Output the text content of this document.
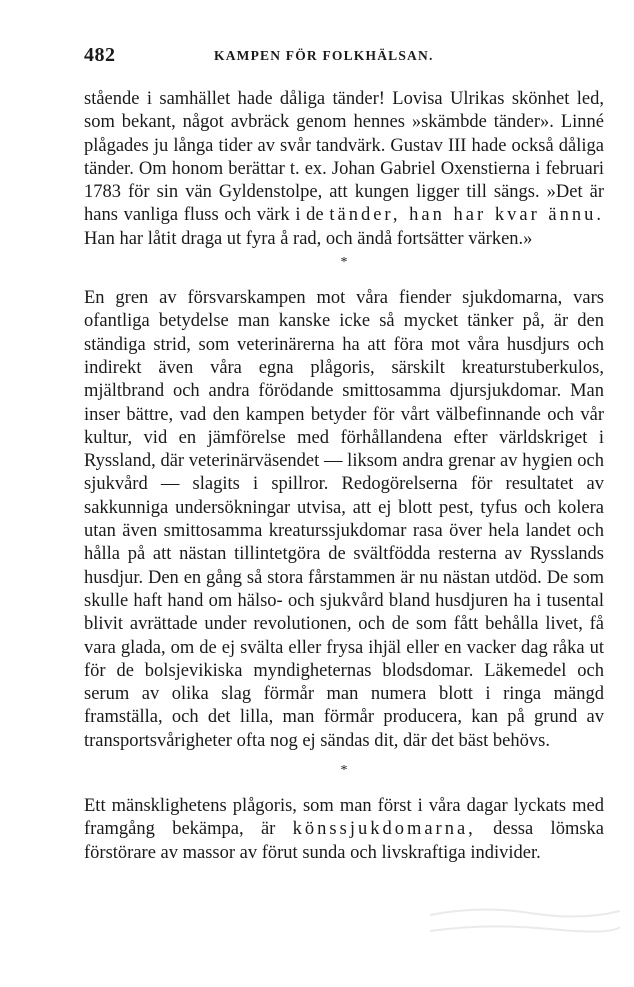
482	KAMPEN FÖR FOLKHÄLSAN.

stående i samhället hade dåliga tänder! Lovisa Ulrikas skönhet led, som bekant, något avbräck genom hennes »skämbde tänder». Linné plågades ju långa tider av svår tandvärk. Gustav III hade också dåliga tänder. Om honom berättar t. ex. Johan Gabriel Oxenstierna i februari 1783 för sin vän Gyldenstolpe, att kungen ligger till sängs. »Det är hans vanliga fluss och värk i de tänder, han har kvar ännu. Han har låtit draga ut fyra å rad, och ändå fortsätter värken.»

*

En gren av försvarskampen mot våra fiender sjukdomarna, vars ofantliga betydelse man kanske icke så mycket tänker på, är den ständiga strid, som veterinärerna ha att föra mot våra husdjurs och indirekt även våra egna plågoris, särskilt kreaturstuberkulos, mjältbrand och andra förödande smittosamma djursjukdomar. Man inser bättre, vad den kampen betyder för vårt välbefinnande och vår kultur, vid en jämförelse med förhållandena efter världskriget i Ryssland, där veterinärväsendet — liksom andra grenar av hygien och sjukvård — slagits i spillror. Redogörelserna för resultatet av sakkunniga undersökningar utvisa, att ej blott pest, tyfus och kolera utan även smittosamma kreaturssjukdomar rasa över hela landet och hålla på att nästan tillintetgöra de svältfödda resterna av Rysslands husdjur. Den en gång så stora fårstammen är nu nästan utdöd. De som skulle haft hand om hälso- och sjukvård bland husdjuren ha i tusental blivit avrättade under revolutionen, och de som fått behålla livet, få vara glada, om de ej svälta eller frysa ihjäl eller en vacker dag råka ut för de bolsjevikiska myndigheternas blodsdomar. Läkemedel och serum av olika slag förmår man numera blott i ringa mängd framställa, och det lilla, man förmår producera, kan på grund av transportsvårigheter ofta nog ej sändas dit, där det bäst behövs.

*

Ett mänsklighetens plågoris, som man först i våra dagar lyckats med framgång bekämpa, är könssjukdomarna, dessa lömska förstörare av massor av förut sunda och livskraftiga individer.
